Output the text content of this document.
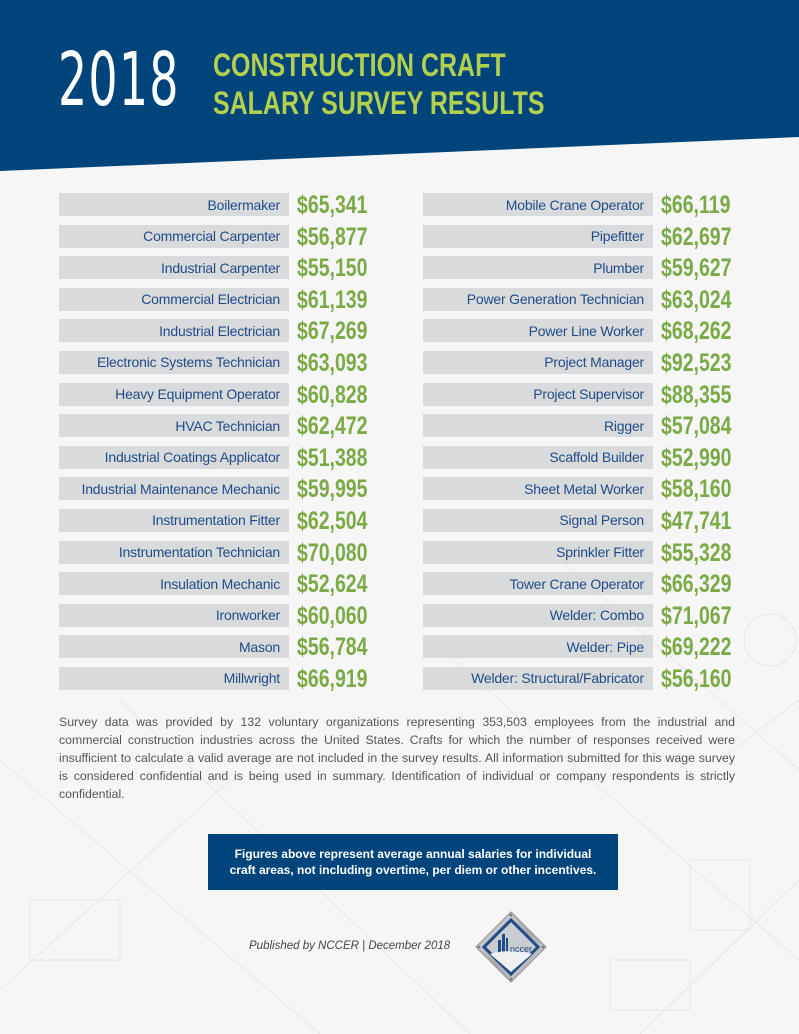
2018 CONSTRUCTION CRAFT
SALARY SURVEY RESULTS
Boilermaker $65,341
Commercial Carpenter $56,877
Industrial Carpenter $55,150
Commercial Electrician $61,139
Industrial Electrician $67,269
Electronic Systems Technician $63,093
Heavy Equipment Operator $60,828
HVAC Technician $62,472
Industrial Coatings Applicator $51,388
Industrial Maintenance Mechanic $59,995
Instrumentation Fitter $62,504
Instrumentation Technician $70,080
Insulation Mechanic $52,624
Ironworker $60,060
Mason $56,784
Millwright $66,919
Mobile Crane Operator $66,119
Pipefitter $62,697
Plumber $59,627
Power Generation Technician $63,024
Power Line Worker $68,262
Project Manager $92,523
Project Supervisor $88,355
Rigger $57,084
Scaffold Builder $52,990
Sheet Metal Worker $58,160
Signal Person $47,741
Sprinkler Fitter $55,328
Tower Crane Operator $66,329
Welder: Combo $71,067
Welder: Pipe $69,222
Welder: Structural/Fabricator $56,160

Survey data was provided by 132 voluntary organizations representing 353,503 employees from the industrial and commercial construction industries across the United States. Crafts for which the number of responses received were insufficient to calculate a valid average are not included in the survey results. All information submitted for this wage survey is considered confidential and is being used in summary. Identification of individual or company respondents is strictly confidential.

Figures above represent average annual salaries for individual
craft areas, not including overtime, per diem or other incentives.
Published by NCCER | December 2018	nccer
